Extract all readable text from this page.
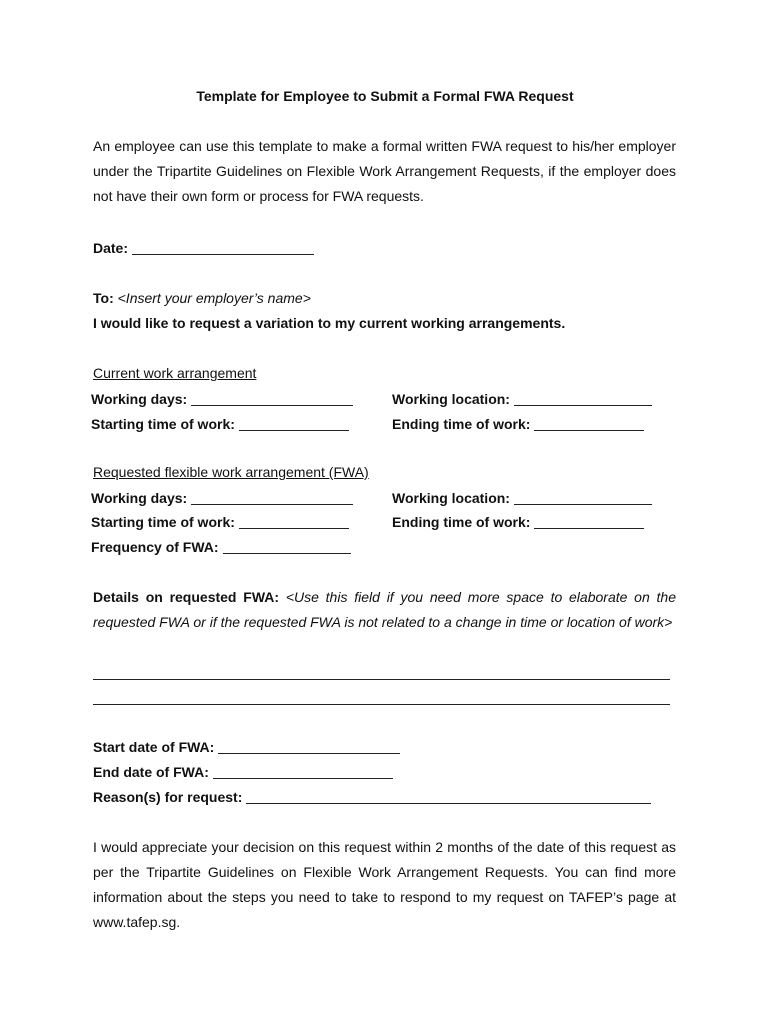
Template for Employee to Submit a Formal FWA Request
An employee can use this template to make a formal written FWA request to his/her employer under the Tripartite Guidelines on Flexible Work Arrangement Requests, if the employer does not have their own form or process for FWA requests.
Date:
To: <Insert your employer’s name>
I would like to request a variation to my current working arrangements.
Current work arrangement
Working days:	Working location:
Starting time of work:	Ending time of work:
Requested flexible work arrangement (FWA)
Working days:	Working location:
Starting time of work:	Ending time of work:
Frequency of FWA:
Details on requested FWA: <Use this field if you need more space to elaborate on the requested FWA or if the requested FWA is not related to a change in time or location of work>
Start date of FWA:
End date of FWA:
Reason(s) for request:
I would appreciate your decision on this request within 2 months of the date of this request as per the Tripartite Guidelines on Flexible Work Arrangement Requests. You can find more information about the steps you need to take to respond to my request on TAFEP’s page at www.tafep.sg.
